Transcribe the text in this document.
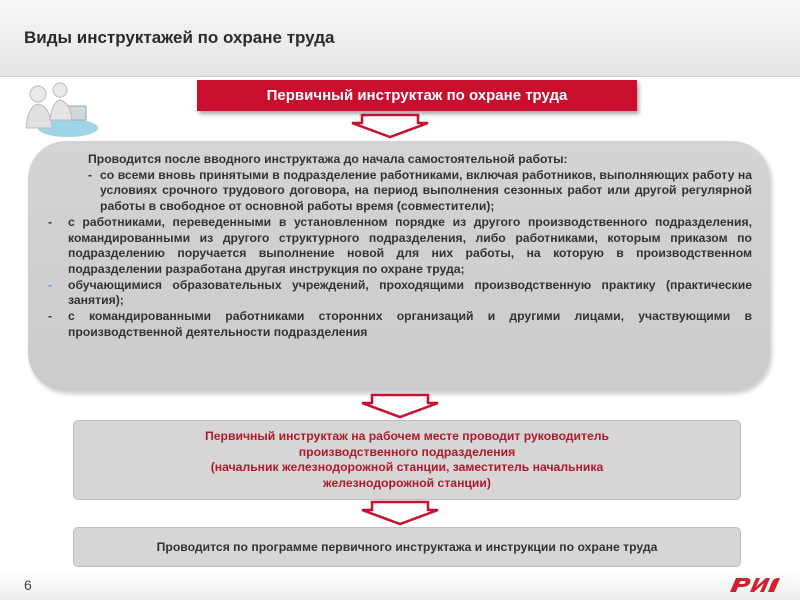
Виды инструктажей по охране труда
Первичный инструктаж по охране труда
Проводится после вводного инструктажа до начала самостоятельной работы:
- со всеми вновь принятыми в подразделение работниками, включая работников, выполняющих работу на условиях срочного трудового договора, на период выполнения сезонных работ или другой регулярной работы в свободное от основной работы время (совместители);
-	с работниками, переведенными в установленном порядке из другого производственного подразделения, командированными из другого структурного подразделения, либо работниками, которым приказом по подразделению поручается выполнение новой для них работы, на которую в производственном подразделении разработана другая инструкция по охране труда;
-	обучающимися образовательных учреждений, проходящими производственную практику (практические занятия);
-	с командированными работниками сторонних организаций и другими лицами, участвующими в производственной деятельности подразделения
Первичный инструктаж на рабочем месте проводит руководитель
производственного подразделения
(начальник железнодорожной станции, заместитель начальника
железнодорожной станции)
Проводится по программе первичного инструктажа и инструкции по охране труда
6
